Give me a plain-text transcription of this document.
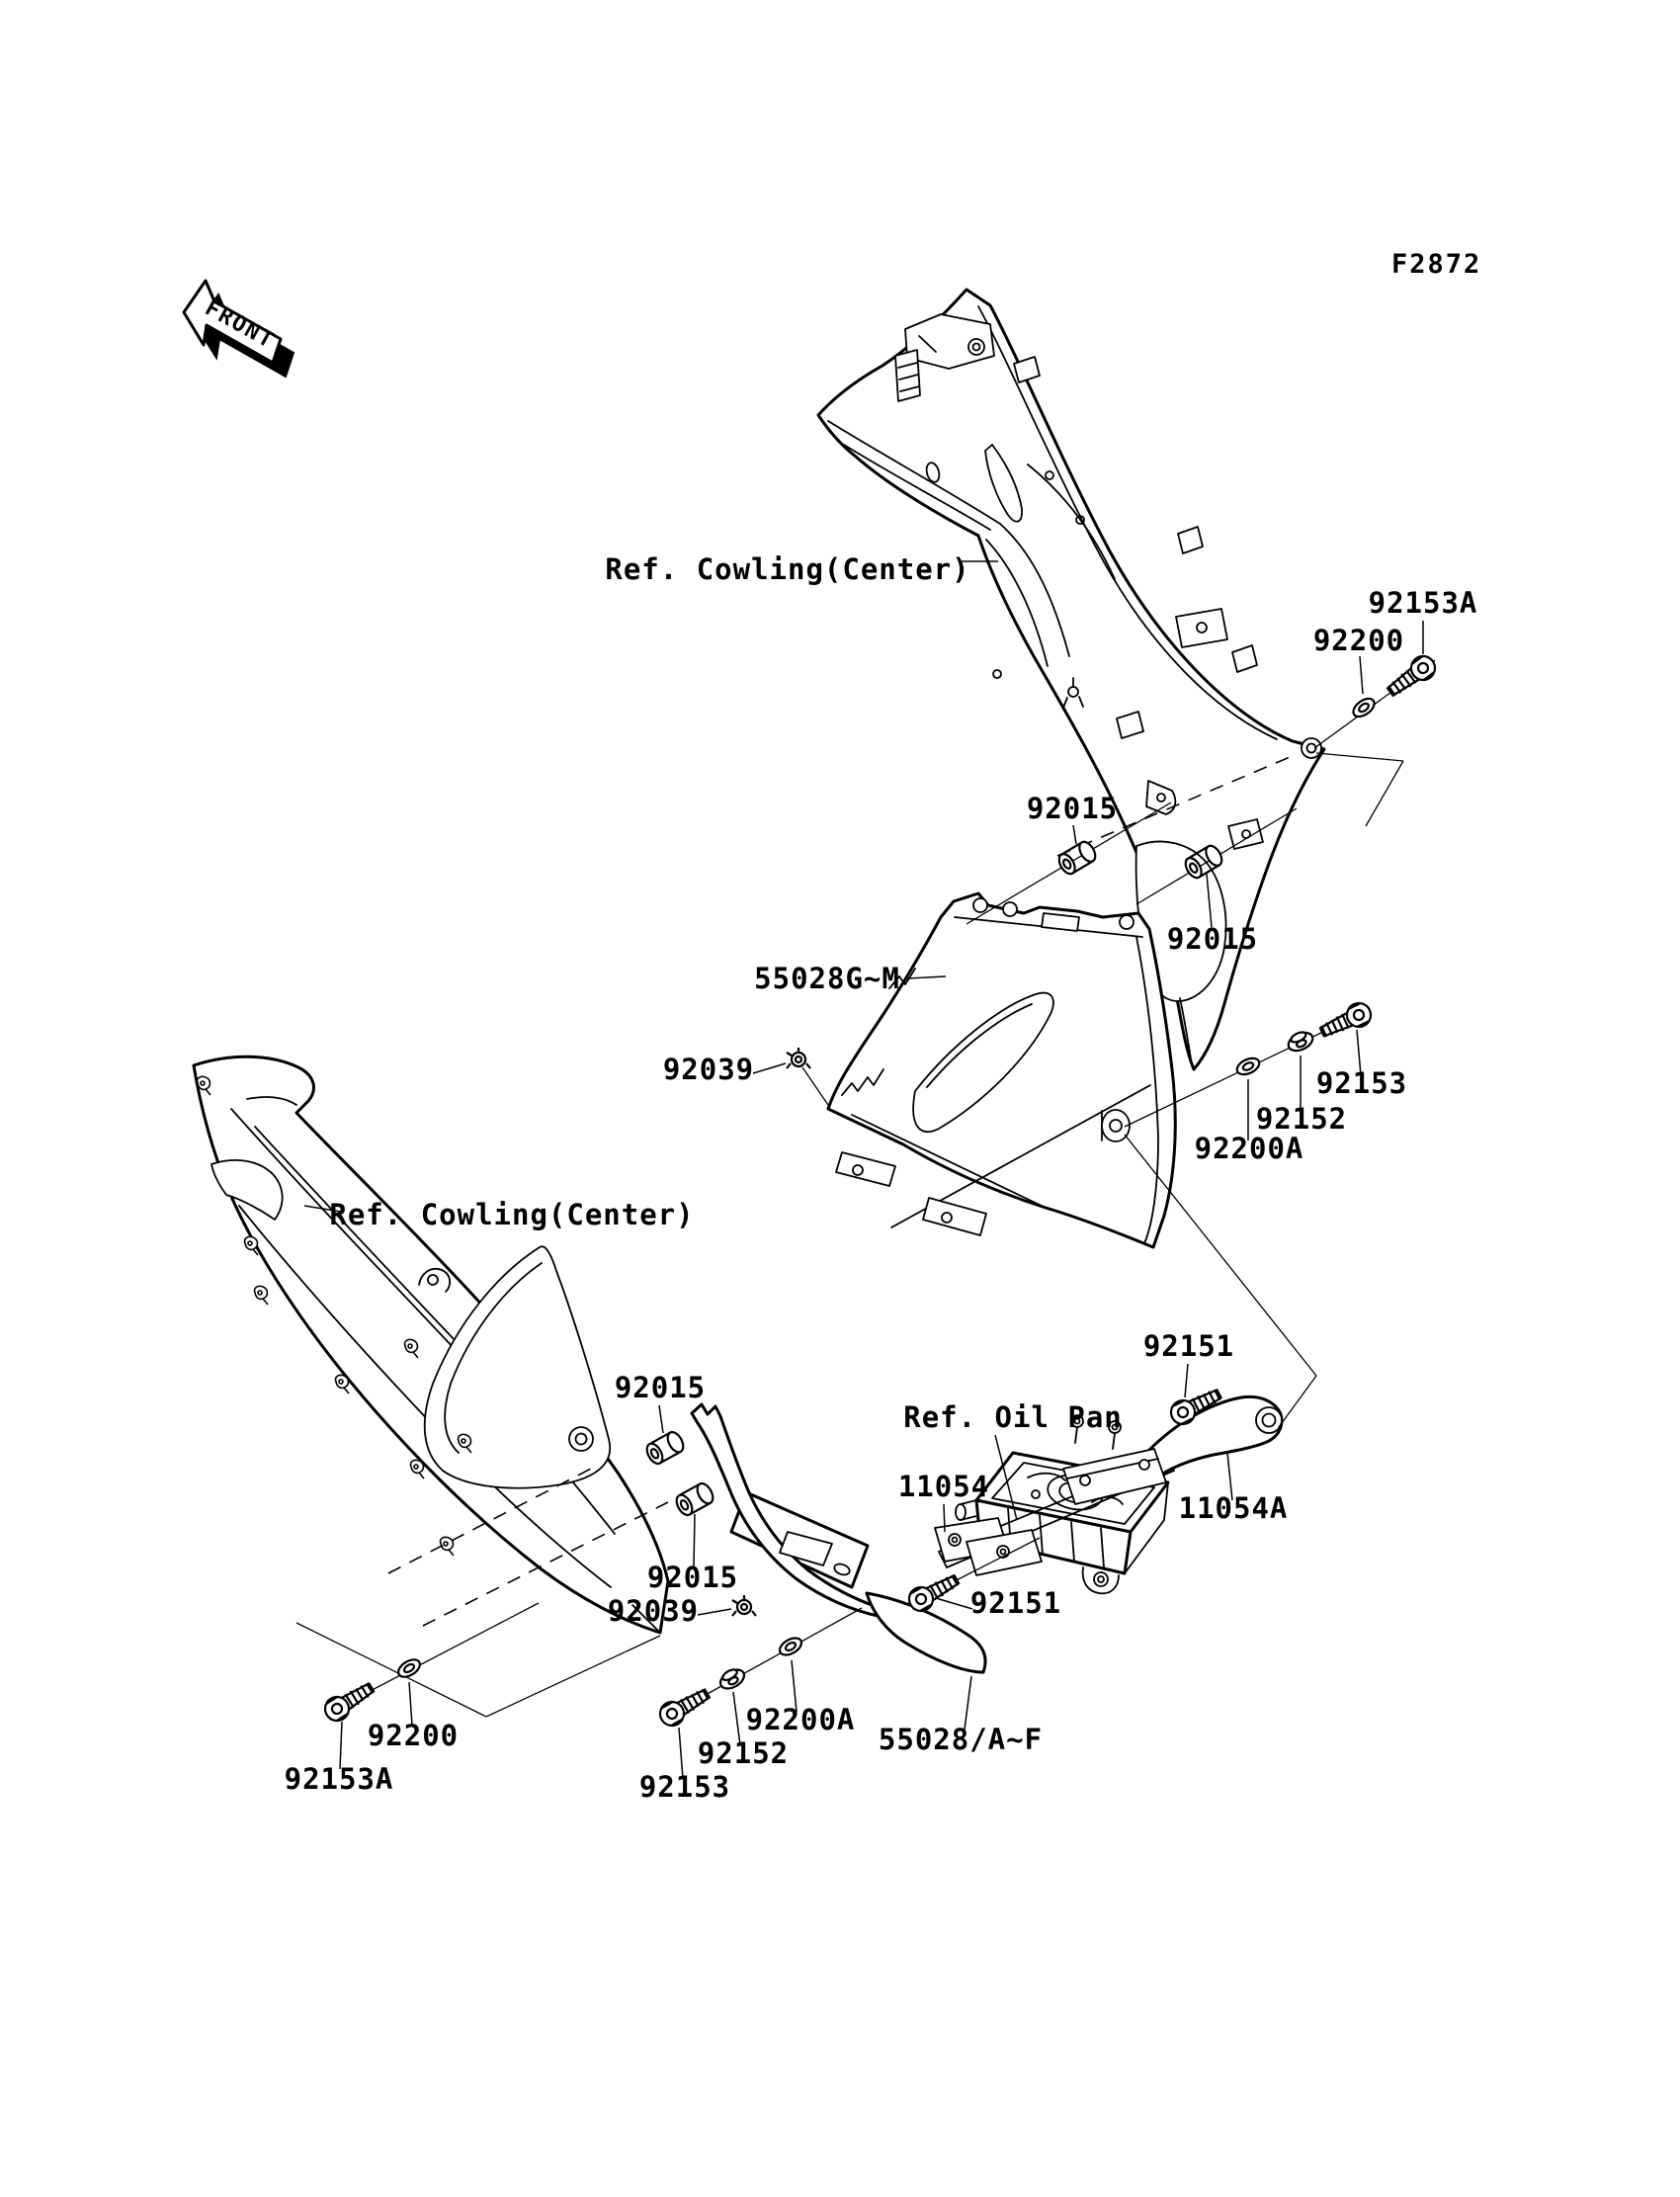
FRONT
F2872
Ref. Cowling(Center)
92153A
92200
92015
92015
55028G~M
92039	92153
92152
92200A
Ref. Cowling(Center)
92151
Ref. Oil Pan
11054
11054A
92015
92015
92039	92151
92200
92153A
92200A
92152
92153
55028/A~F
